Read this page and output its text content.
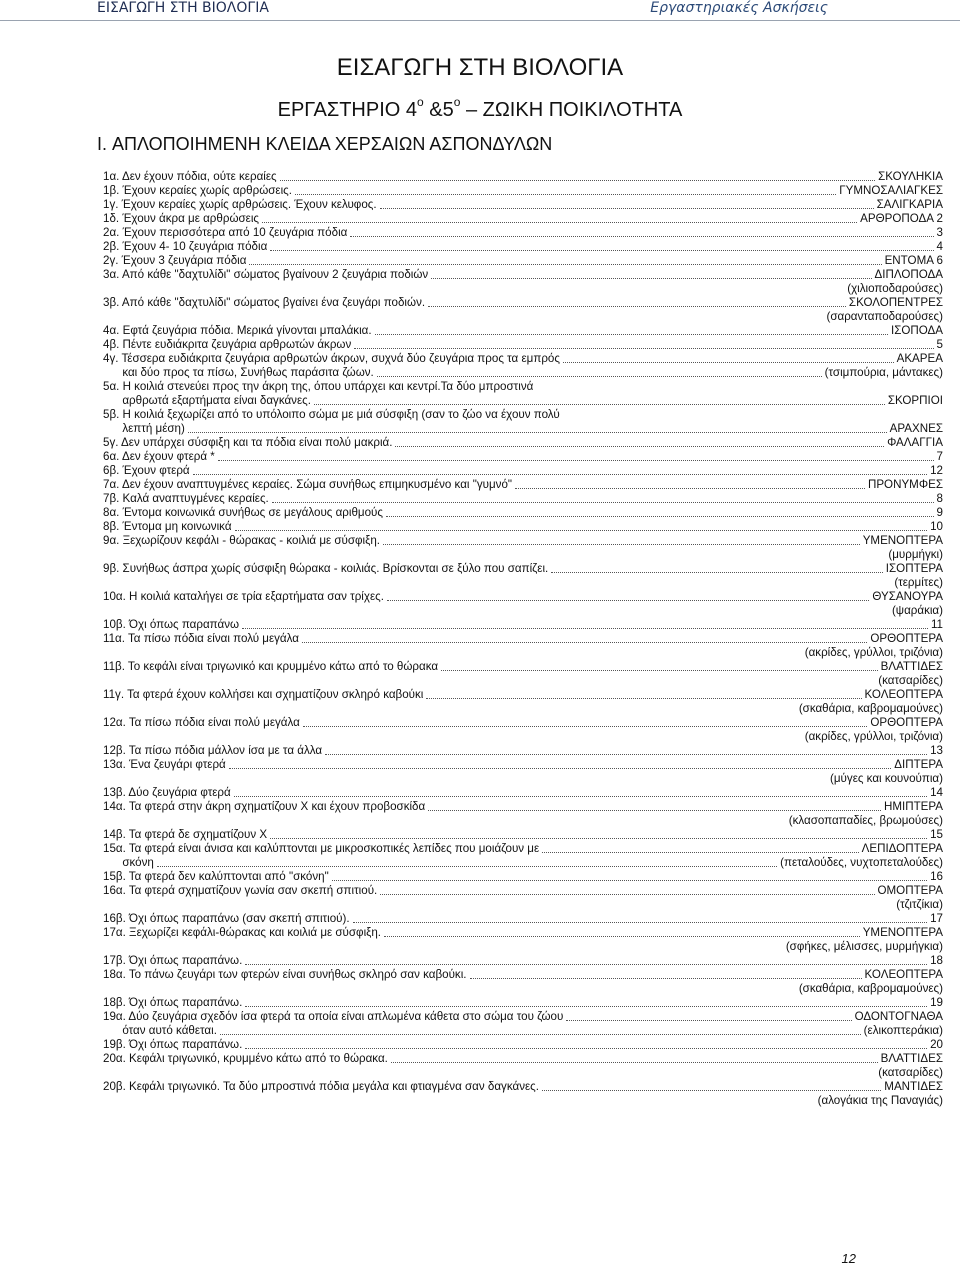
ΕΙΣΑΓΩΓΗ ΣΤΗ ΒΙΟΛΟΓΙΑ	Εργαστηριακές Ασκήσεις
ΕΙΣΑΓΩΓΗ ΣΤΗ ΒΙΟΛΟΓΙΑ
ΕΡΓΑΣΤΗΡΙΟ $4^o$ $\&5^o$ – ΖΩΙΚΗ ΠΟΙΚΙΛΟΤΗΤΑ
I. ΑΠΛΟΠΟΙΗΜΕΝΗ ΚΛΕΙΔΑ ΧΕΡΣΑΙΩΝ ΑΣΠΟΝΔΥΛΩΝ
1α. Δεν έχουν πόδια, ούτε κεραίες	ΣΚΟΥΛΗΚΙΑ
1β. Έχουν κεραίες χωρίς αρθρώσεις.	ΓΥΜΝΟΣΑΛΙΑΓΚΕΣ
1γ. Έχουν κεραίες χωρίς αρθρώσεις. Έχουν κελυφος.	ΣΑΛΙΓΚΑΡΙΑ
1δ. Έχουν άκρα με αρθρώσεις	ΑΡΘΡΟΠΟΔΑ 2
2α. Έχουν περισσότερα από 10 ζευγάρια πόδια	3
2β. Έχουν 4- 10 ζευγάρια πόδια	4
2γ. Έχουν 3 ζευγάρια πόδια	ΕΝΤΟΜΑ 6
3α. Από κάθε "δαχτυλίδι" σώματος βγαίνουν 2 ζευγάρια ποδιών	ΔΙΠΛΟΠΟΔΑ
(χιλιοποδαρούσες)
3β. Από κάθε "δαχτυλίδι" σώματος βγαίνει ένα ζευγάρι ποδιών.	ΣΚΟΛΟΠΕΝΤΡΕΣ
(σαρανταποδαρούσες)
4α. Εφτά ζευγάρια πόδια. Μερικά γίνονται μπαλάκια.	ΙΣΟΠΟΔΑ
4β. Πέντε ευδιάκριτα ζευγάρια αρθρωτών άκρων	5
4γ. Τέσσερα ευδιάκριτα ζευγάρια αρθρωτών άκρων, συχνά δύο ζευγάρια προς τα εμπρός	ΑΚΑΡΕΑ
και δύο προς τα πίσω, Συνήθως παράσιτα ζώων.	(τσιμπούρια, μάντακες)
5α. Η κοιλιά στενεύει προς την άκρη της, όπου υπάρχει και κεντρί.Τα δύο μπροστινά
αρθρωτά εξαρτήματα είναι δαγκάνες.	ΣΚΟΡΠΙΟΙ
5β. Η κοιλιά ξεχωρίζει από το υπόλοιπο σώμα με μιά σύσφιξη (σαν το ζώο να έχουν πολύ
λεπτή μέση)	ΑΡΑΧΝΕΣ
5γ. Δεν υπάρχει σύσφιξη και τα πόδια είναι πολύ μακριά.	ΦΑΛΑΓΓΙΑ
6α. Δεν έχουν φτερά *	7
6β. Έχουν φτερά	12
7α. Δεν έχουν αναπτυγμένες κεραίες. Σώμα συνήθως επιμηκυσμένο και "γυμνό"	ΠΡΟΝΥΜΦΕΣ
7β. Καλά αναπτυγμένες κεραίες.	8
8α. Έντομα κοινωνικά συνήθως σε μεγάλους αριθμούς	9
8β. Έντομα μη κοινωνικά	10
9α. Ξεχωρίζουν κεφάλι - θώρακας - κοιλιά με σύσφιξη.	ΥΜΕΝΟΠΤΕΡΑ
(μυρμήγκι)
9β. Συνήθως άσπρα χωρίς σύσφιξη θώρακα - κοιλιάς. Βρίσκονται σε ξύλο που σαπίζει.	ΙΣΟΠΤΕΡΑ
(τερμίτες)
10α. Η κοιλιά καταλήγει σε τρία εξαρτήματα σαν τρίχες.	ΘΥΣΑΝΟΥΡΑ
(ψαράκια)
10β. Όχι όπως παραπάνω	11
11α. Τα πίσω πόδια είναι πολύ μεγάλα	ΟΡΘΟΠΤΕΡΑ
(ακρίδες, γρύλλοι, τριζόνια)
11β. Το κεφάλι είναι τριγωνικό και κρυμμένο κάτω από το θώρακα	ΒΛΑΤΤΙΔΕΣ
(κατσαρίδες)
11γ. Τα φτερά έχουν κολλήσει και σχηματίζουν σκληρό καβούκι	ΚΟΛΕΟΠΤΕΡΑ
(σκαθάρια, καβρομαμούνες)
12α. Τα πίσω πόδια είναι πολύ μεγάλα	ΟΡΘΟΠΤΕΡΑ
(ακρίδες, γρύλλοι, τριζόνια)
12β. Τα πίσω πόδια μάλλον ίσα με τα άλλα	13
13α. Ένα ζευγάρι φτερά	ΔΙΠΤΕΡΑ
(μύγες και κουνούπια)
13β. Δύο ζευγάρια φτερά	14
14α. Τα φτερά στην άκρη σχηματίζουν Χ και έχουν προβοσκίδα	ΗΜΙΠΤΕΡΑ
(κλασοπαπαδίες, βρωμούσες)
14β. Τα φτερά δε σχηματίζουν Χ	15
15α. Τα φτερά είναι άνισα και καλύπτονται με μικροσκοπικές λεπίδες που μοιάζουν με	ΛΕΠΙΔΟΠΤΕΡΑ
σκόνη	(πεταλούδες, νυχτοπεταλούδες)
15β. Τα φτερά δεν καλύπτονται από "σκόνη"	16
16α. Τα φτερά σχηματίζουν γωνία σαν σκεπή σπιτιού.	ΟΜΟΠΤΕΡΑ
(τζιτζίκια)
16β. Όχι όπως παραπάνω (σαν σκεπή σπιτιού).	17
17α. Ξεχωρίζει κεφάλι-θώρακας και κοιλιά με σύσφιξη.	ΥΜΕΝΟΠΤΕΡΑ
(σφήκες, μέλισσες, μυρμήγκια)
17β. Όχι όπως παραπάνω.	18
18α. Το πάνω ζευγάρι των φτερών είναι συνήθως σκληρό σαν καβούκι.	ΚΟΛΕΟΠΤΕΡΑ
(σκαθάρια, καβρομαμούνες)
18β. Όχι όπως παραπάνω.	19
19α. Δύο ζευγάρια σχεδόν ίσα φτερά τα οποία είναι απλωμένα κάθετα στο σώμα του ζώου	ΟΔΟΝΤΟΓΝΑΘΑ
όταν αυτό κάθεται.	(ελικοπτεράκια)
19β. Όχι όπως παραπάνω.	20
20α. Κεφάλι τριγωνικό, κρυμμένο κάτω από το θώρακα.	ΒΛΑΤΤΙΔΕΣ
(κατσαρίδες)
20β. Κεφάλι τριγωνικό. Τα δύο μπροστινά πόδια μεγάλα και φτιαγμένα σαν δαγκάνες.	ΜΑΝΤΙΔΕΣ
(αλογάκια της Παναγιάς)
12
